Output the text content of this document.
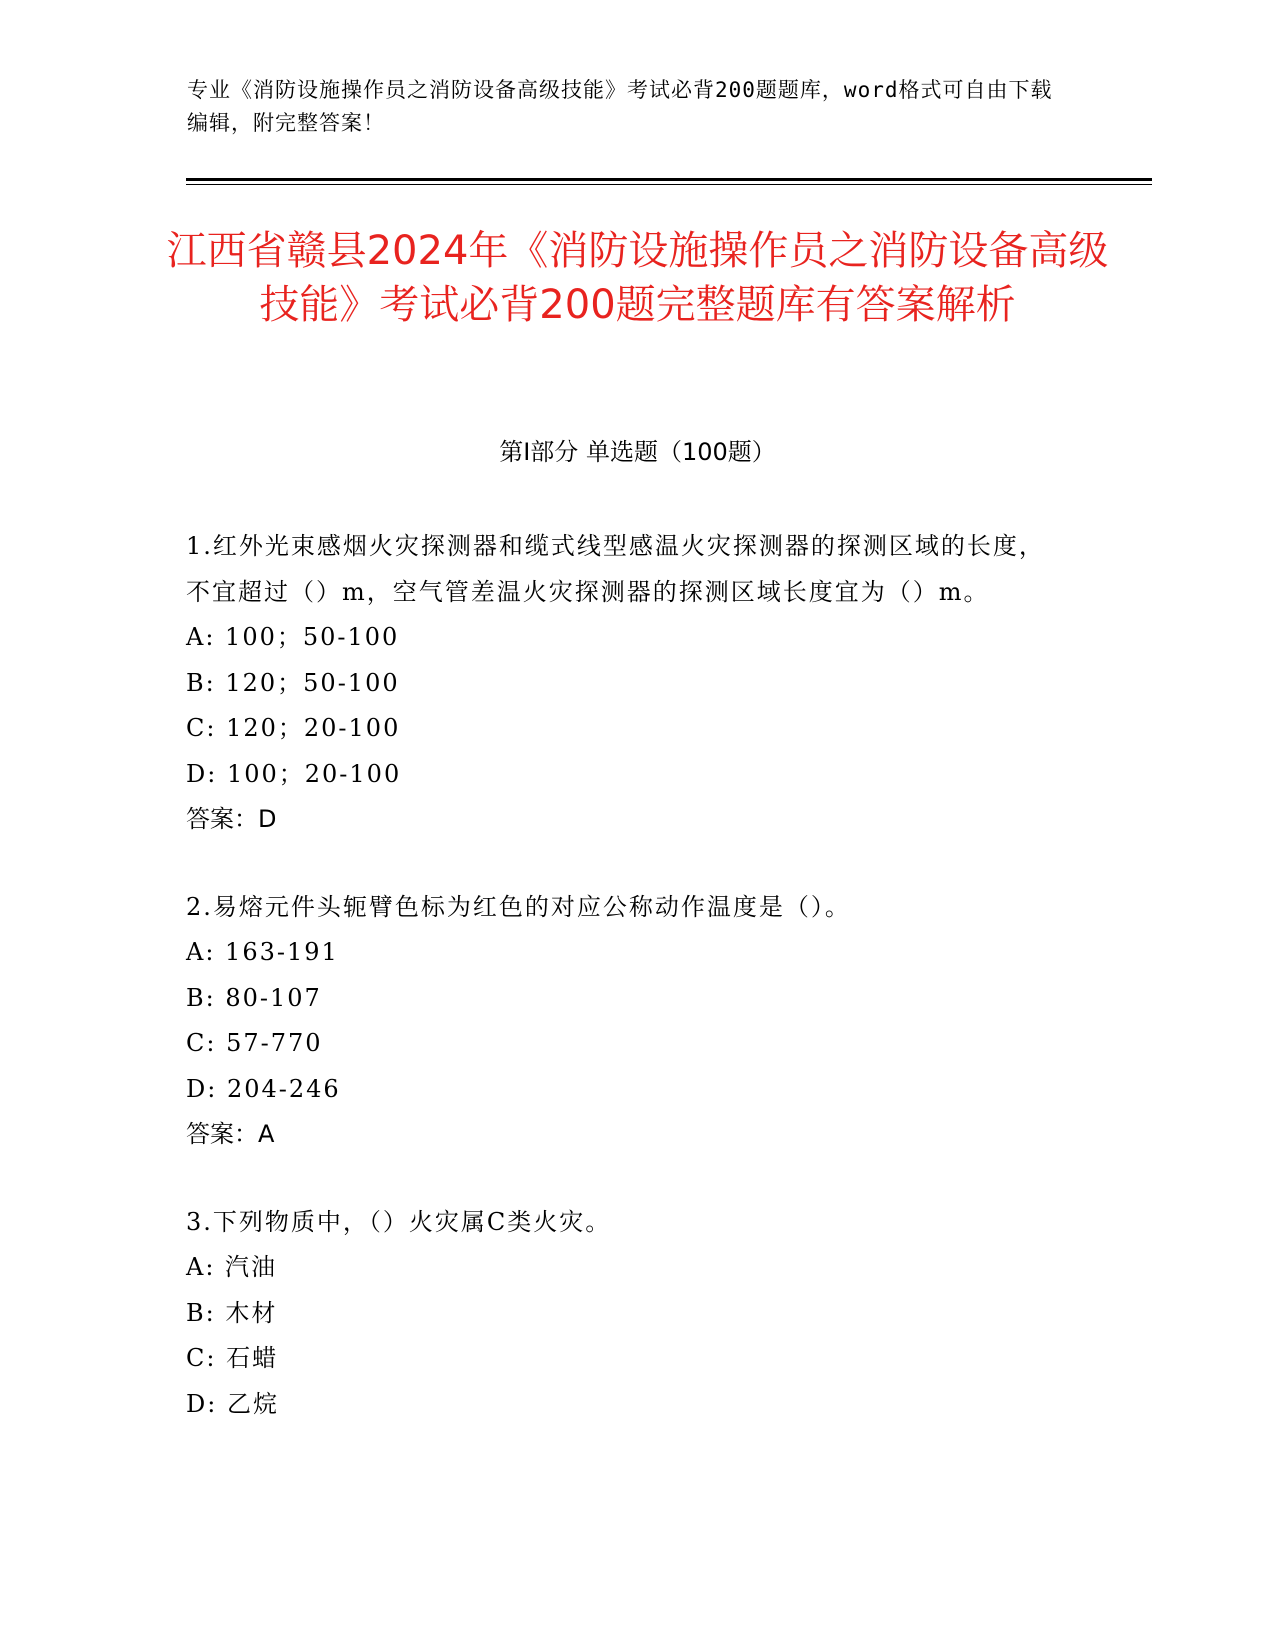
专业《消防设施操作员之消防设备高级技能》考试必背200题题库，word格式可自由下载编辑，附完整答案！
江西省赣县2024年《消防设施操作员之消防设备高级技能》考试必背200题完整题库有答案解析
第I部分 单选题（100题）
1.红外光束感烟火灾探测器和缆式线型感温火灾探测器的探测区域的长度，不宜超过（）m，空气管差温火灾探测器的探测区域长度宜为（）m。
A: 100；50-100
B: 120；50-100
C: 120；20-100
D: 100；20-100
答案：D
2.易熔元件头轭臂色标为红色的对应公称动作温度是（）。
A: 163-191
B: 80-107
C: 57-770
D: 204-246
答案：A
3.下列物质中，（）火灾属C类火灾。
A: 汽油
B: 木材
C: 石蜡
D: 乙烷
